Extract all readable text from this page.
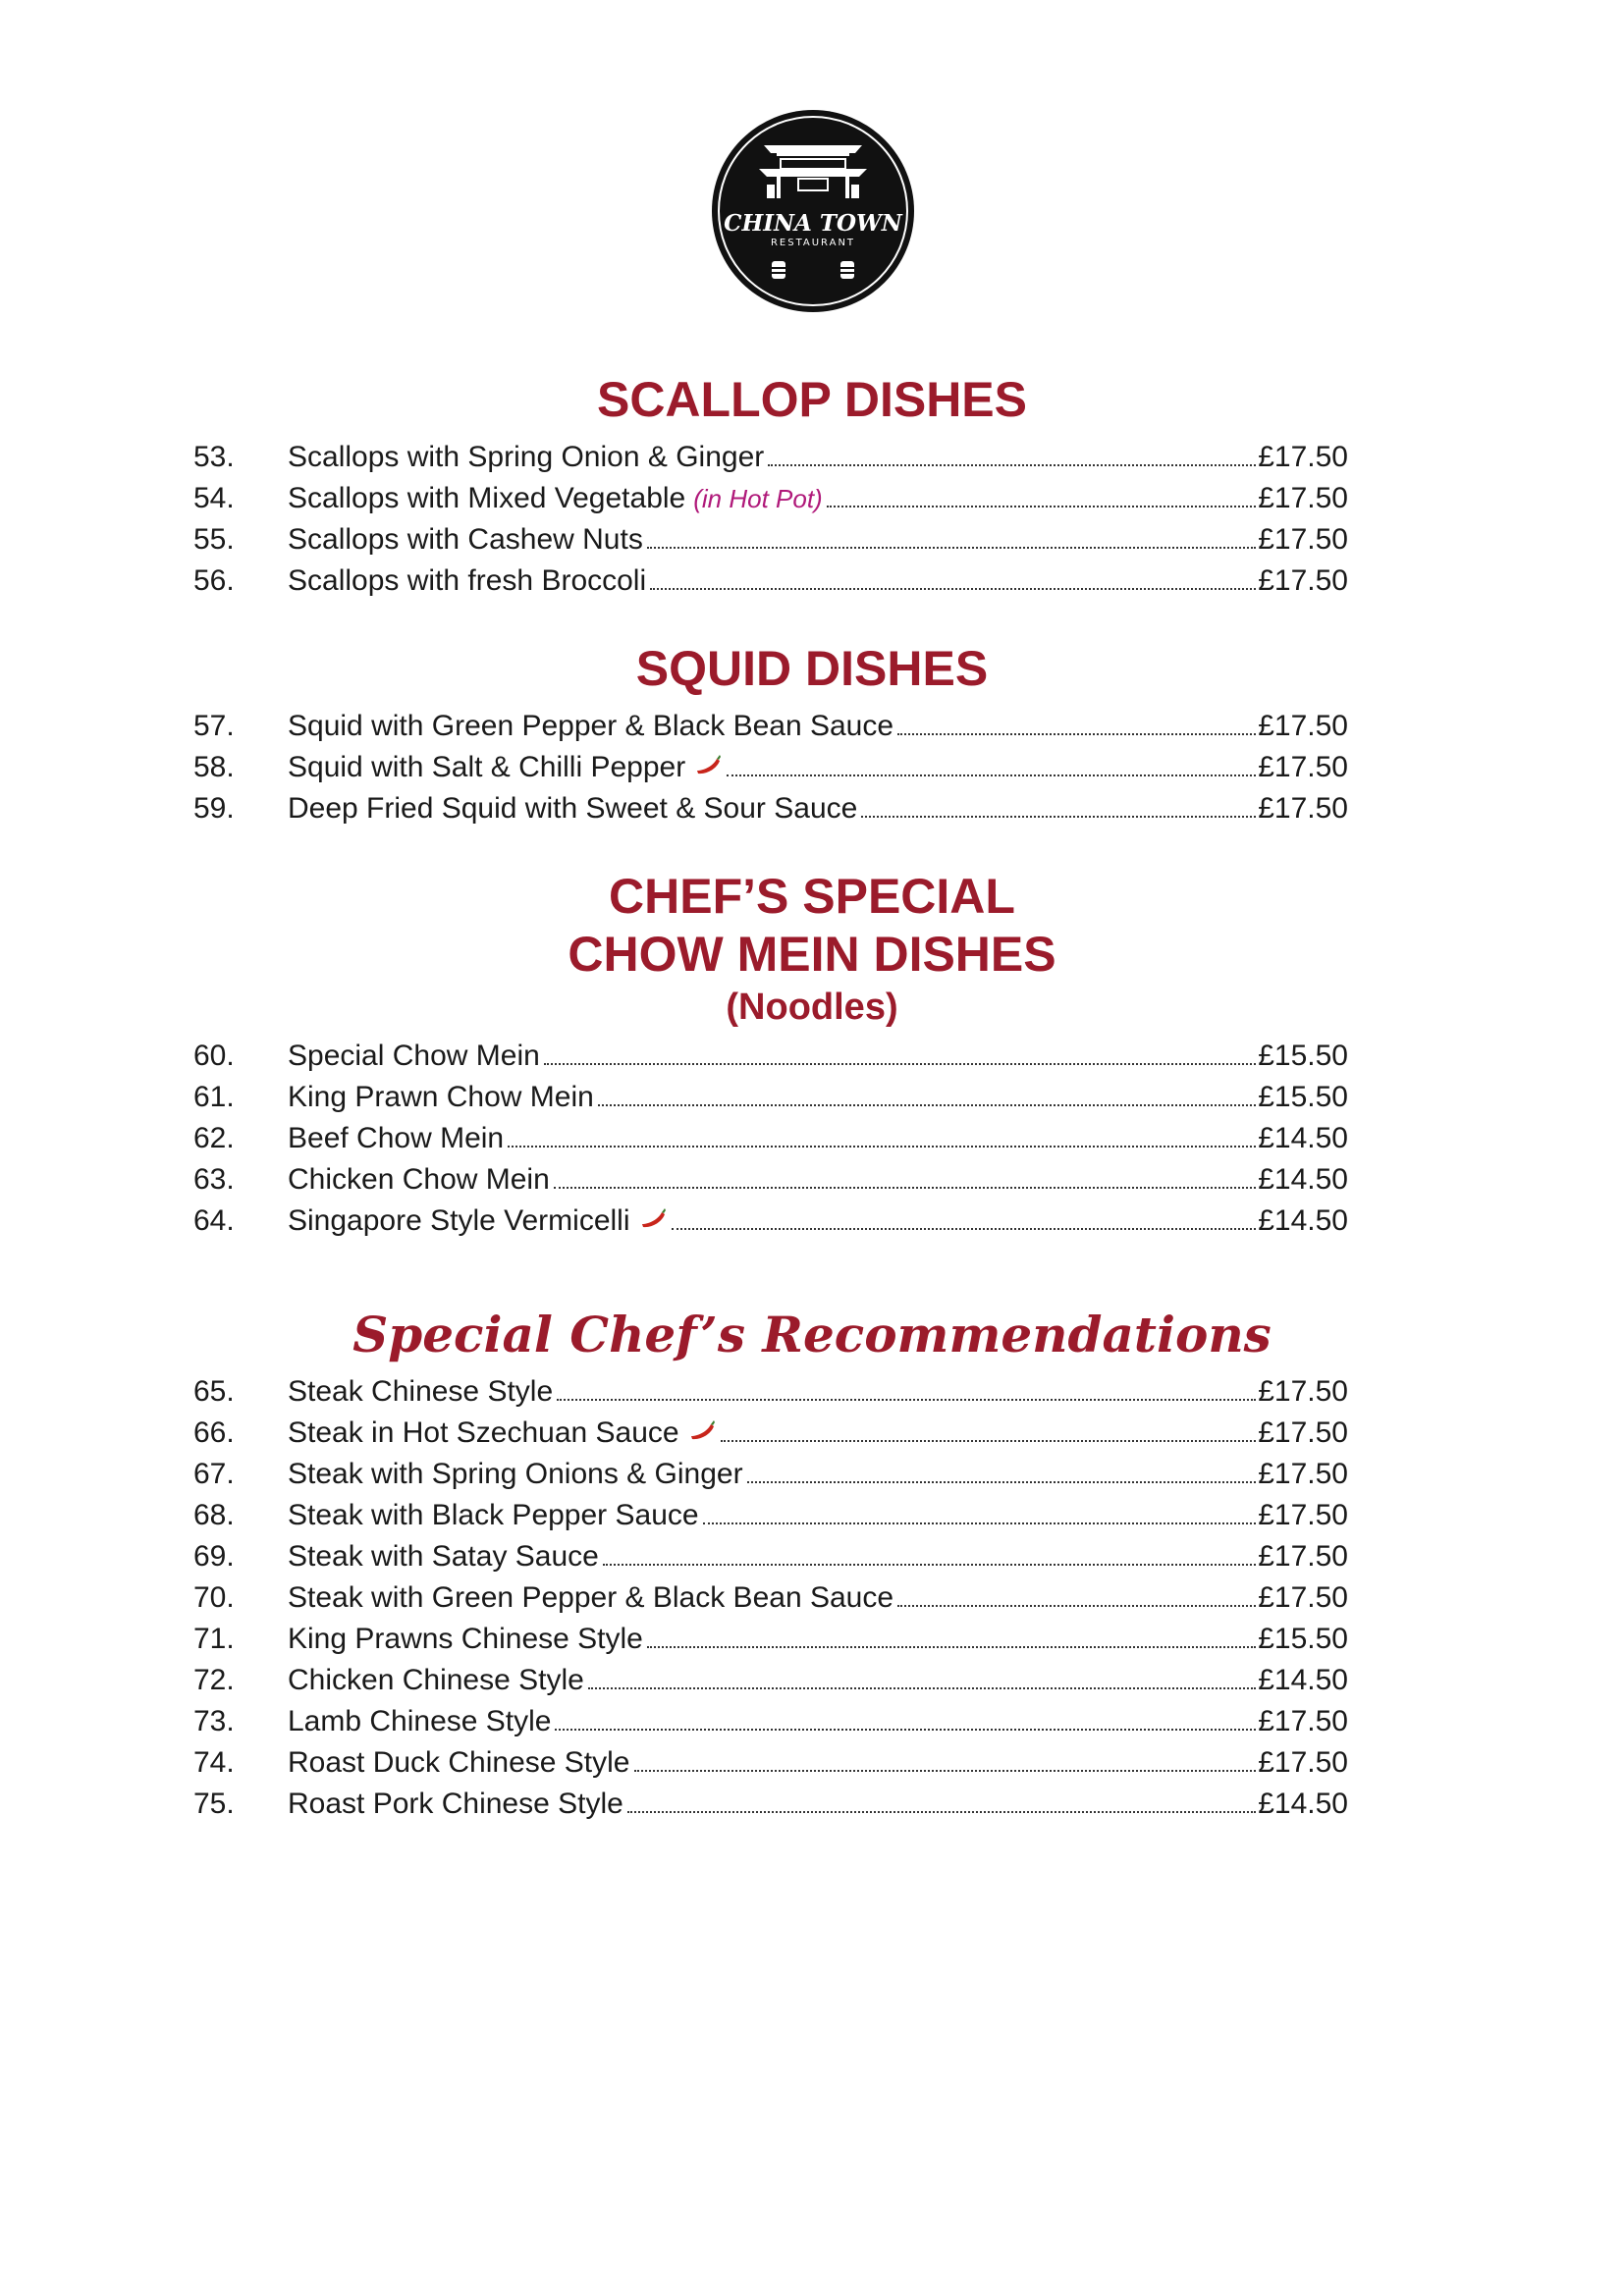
CHINA TOWN
RESTAURANT
SCALLOP DISHES
53. Scallops with Spring Onion & Ginger	£17.50
54. Scallops with Mixed Vegetable (in Hot Pot)	£17.50
55. Scallops with Cashew Nuts	£17.50
56. Scallops with fresh Broccoli	£17.50
SQUID DISHES
57. Squid with Green Pepper & Black Bean Sauce	£17.50
58. Squid with Salt & Chilli Pepper	£17.50
59. Deep Fried Squid with Sweet & Sour Sauce	£17.50
CHEF’S SPECIAL
CHOW MEIN DISHES
(Noodles)
60. Special Chow Mein	£15.50
61. King Prawn Chow Mein	£15.50
62. Beef Chow Mein	£14.50
63. Chicken Chow Mein	£14.50
64. Singapore Style Vermicelli	£14.50
Special Chef’s Recommendations
65. Steak Chinese Style	£17.50
66. Steak in Hot Szechuan Sauce	£17.50
67. Steak with Spring Onions & Ginger	£17.50
68. Steak with Black Pepper Sauce	£17.50
69. Steak with Satay Sauce	£17.50
70. Steak with Green Pepper & Black Bean Sauce	£17.50
71. King Prawns Chinese Style	£15.50
72. Chicken Chinese Style	£14.50
73. Lamb Chinese Style	£17.50
74. Roast Duck Chinese Style	£17.50
75. Roast Pork Chinese Style	£14.50
